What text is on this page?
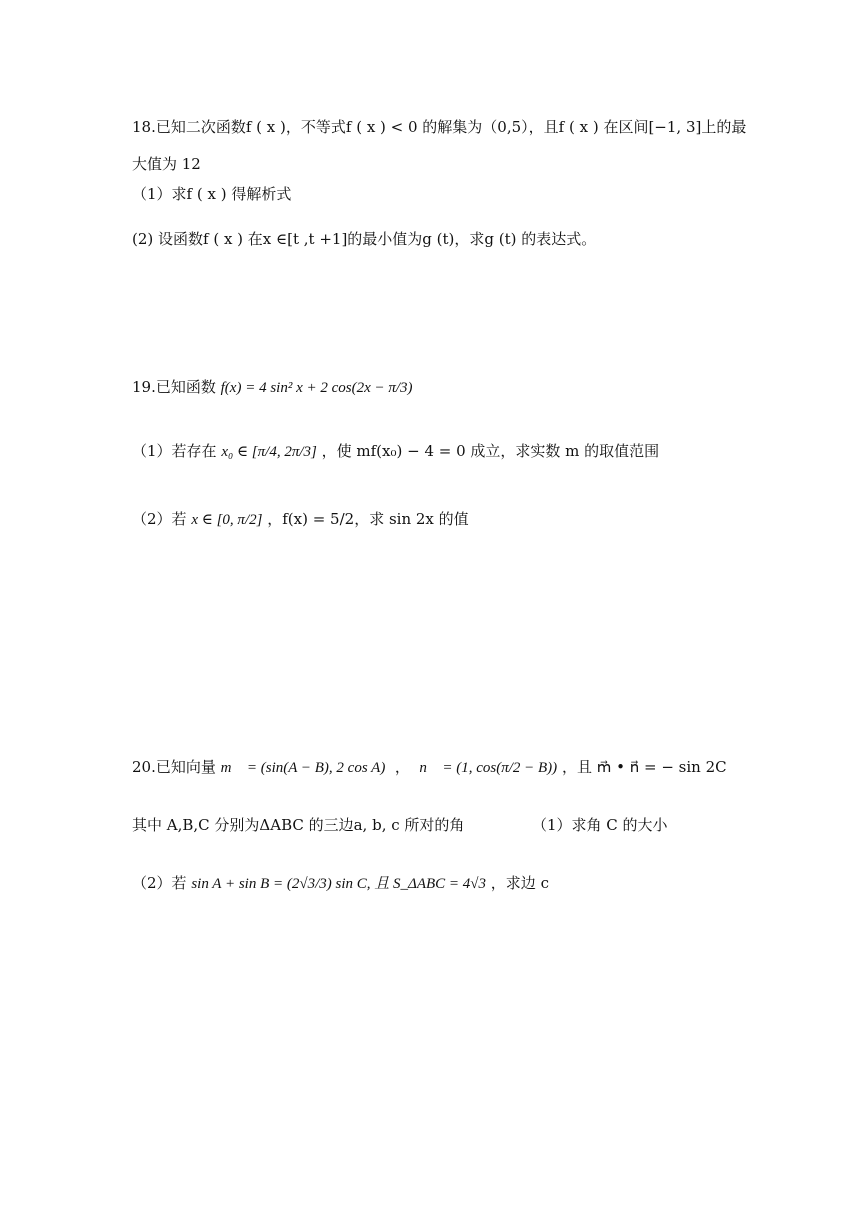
18.已知二次函数f ( x )，不等式f ( x ) < 0 的解集为（0,5），且f ( x ) 在区间[−1, 3]上的最
大值为 12
（1）求f ( x ) 得解析式
(2) 设函数f ( x ) 在x ∈[t ,t +1]的最小值为g (t)，求g (t) 的表达式。
19.已知函数 f(x) = 4 sin² x + 2 cos(2x − π/3)
（1）若存在 x₀ ∈ [π/4, 2π/3] ，使 mf(x₀) − 4 = 0 成立，求实数 m 的取值范围
（2）若 x ∈ [0, π/2] ，f(x) = 5/2，求 sin 2x 的值
20.已知向量 m⃗ = (sin(A − B), 2 cos A)  ，  n⃗ = (1, cos(π/2 − B)) ，且 m⃗ • n⃗ = − sin 2C
其中 A,B,C 分别为ΔABC 的三边a, b, c 所对的角	（1）求角 C 的大小
（2）若 sin A + sin B = (2√3/3) sin C, 且 S_ΔABC = 4√3 ，求边 c
